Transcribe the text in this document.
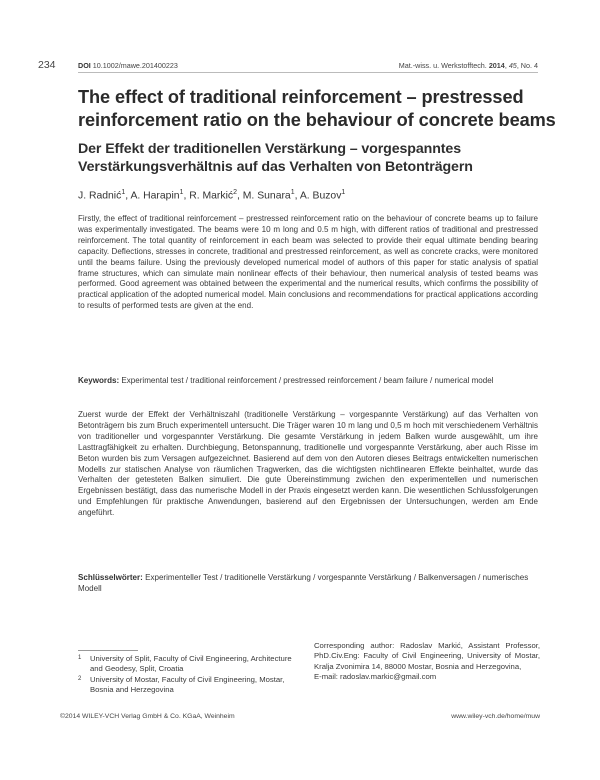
234	DOI 10.1002/mawe.201400223	Mat.-wiss. u. Werkstofftech. 2014, 45, No. 4
The effect of traditional reinforcement – prestressed reinforcement ratio on the behaviour of concrete beams
Der Effekt der traditionellen Verstärkung – vorgespanntes Verstärkungsverhältnis auf das Verhalten von Betonträgern
J. Radnić$^1$, A. Harapin$^1$, R. Markić$^2$, M. Sunara$^1$, A. Buzov$^1$

Firstly, the effect of traditional reinforcement – prestressed reinforcement ratio on the behaviour of concrete beams up to failure was experimentally investigated. The beams were 10 m long and 0.5 m high, with different ratios of traditional and prestressed reinforcement. The total quantity of reinforcement in each beam was selected to provide their equal ultimate bending bearing capacity. Deflections, stresses in concrete, traditional and prestressed reinforcement, as well as concrete cracks, were monitored until the beams failure. Using the previously developed numerical model of authors of this paper for static analysis of spatial frame structures, which can simulate main nonlinear effects of their behaviour, then numerical analysis of tested beams was performed. Good agreement was obtained between the experimental and the numerical results, which confirms the possibility of practical application of the adopted numerical model. Main conclusions and recommendations for practical applications according to results of performed tests are given at the end.

Keywords: Experimental test / traditional reinforcement / prestressed reinforcement / beam failure / numerical model

Zuerst wurde der Effekt der Verhältniszahl (traditionelle Verstärkung – vorgespannte Verstärkung) auf das Verhalten von Betonträgern bis zum Bruch experimentell untersucht. Die Träger waren 10 m lang und 0,5 m hoch mit verschiedenem Verhältnis von traditioneller und vorgespannter Verstärkung. Die gesamte Verstärkung in jedem Balken wurde ausgewählt, um ihre Lasttragfähigkeit zu erhalten. Durchbiegung, Betonspannung, traditionelle und vorgespannte Verstärkung, aber auch Risse im Beton wurden bis zum Versagen aufgezeichnet. Basierend auf dem von den Autoren dieses Beitrags entwickelten numerischen Modells zur statischen Analyse von räumlichen Tragwerken, das die wichtigsten nichtlinearen Effekte beinhaltet, wurde das Verhalten der getesteten Balken simuliert. Die gute Übereinstimmung zwichen den experimentellen und numerischen Ergebnissen bestätigt, dass das numerische Modell in der Praxis eingesetzt werden kann. Die wesentlichen Schlussfolgerungen und Empfehlungen für praktische Anwendungen, basierend auf den Ergebnissen der Untersuchungen, werden am Ende angeführt.

Schlüsselwörter: Experimenteller Test / traditionelle Verstärkung / vorgespannte Verstärkung / Balkenversagen / numerisches Modell

1 University of Split, Faculty of Civil Engineering, Architecture and Geodesy, Split, Croatia
2 University of Mostar, Faculty of Civil Engineering, Mostar, Bosnia and Herzegovina

Corresponding author: Radoslav Markić, Assistant Professor, PhD.Civ.Eng: Faculty of Civil Engineering, University of Mostar, Kralja Zvonimira 14, 88000 Mostar, Bosnia and Herzegovina,
E-mail: radoslav.markic@gmail.com

©2014 WILEY-VCH Verlag GmbH & Co. KGaA, Weinheim	www.wiley-vch.de/home/muw
